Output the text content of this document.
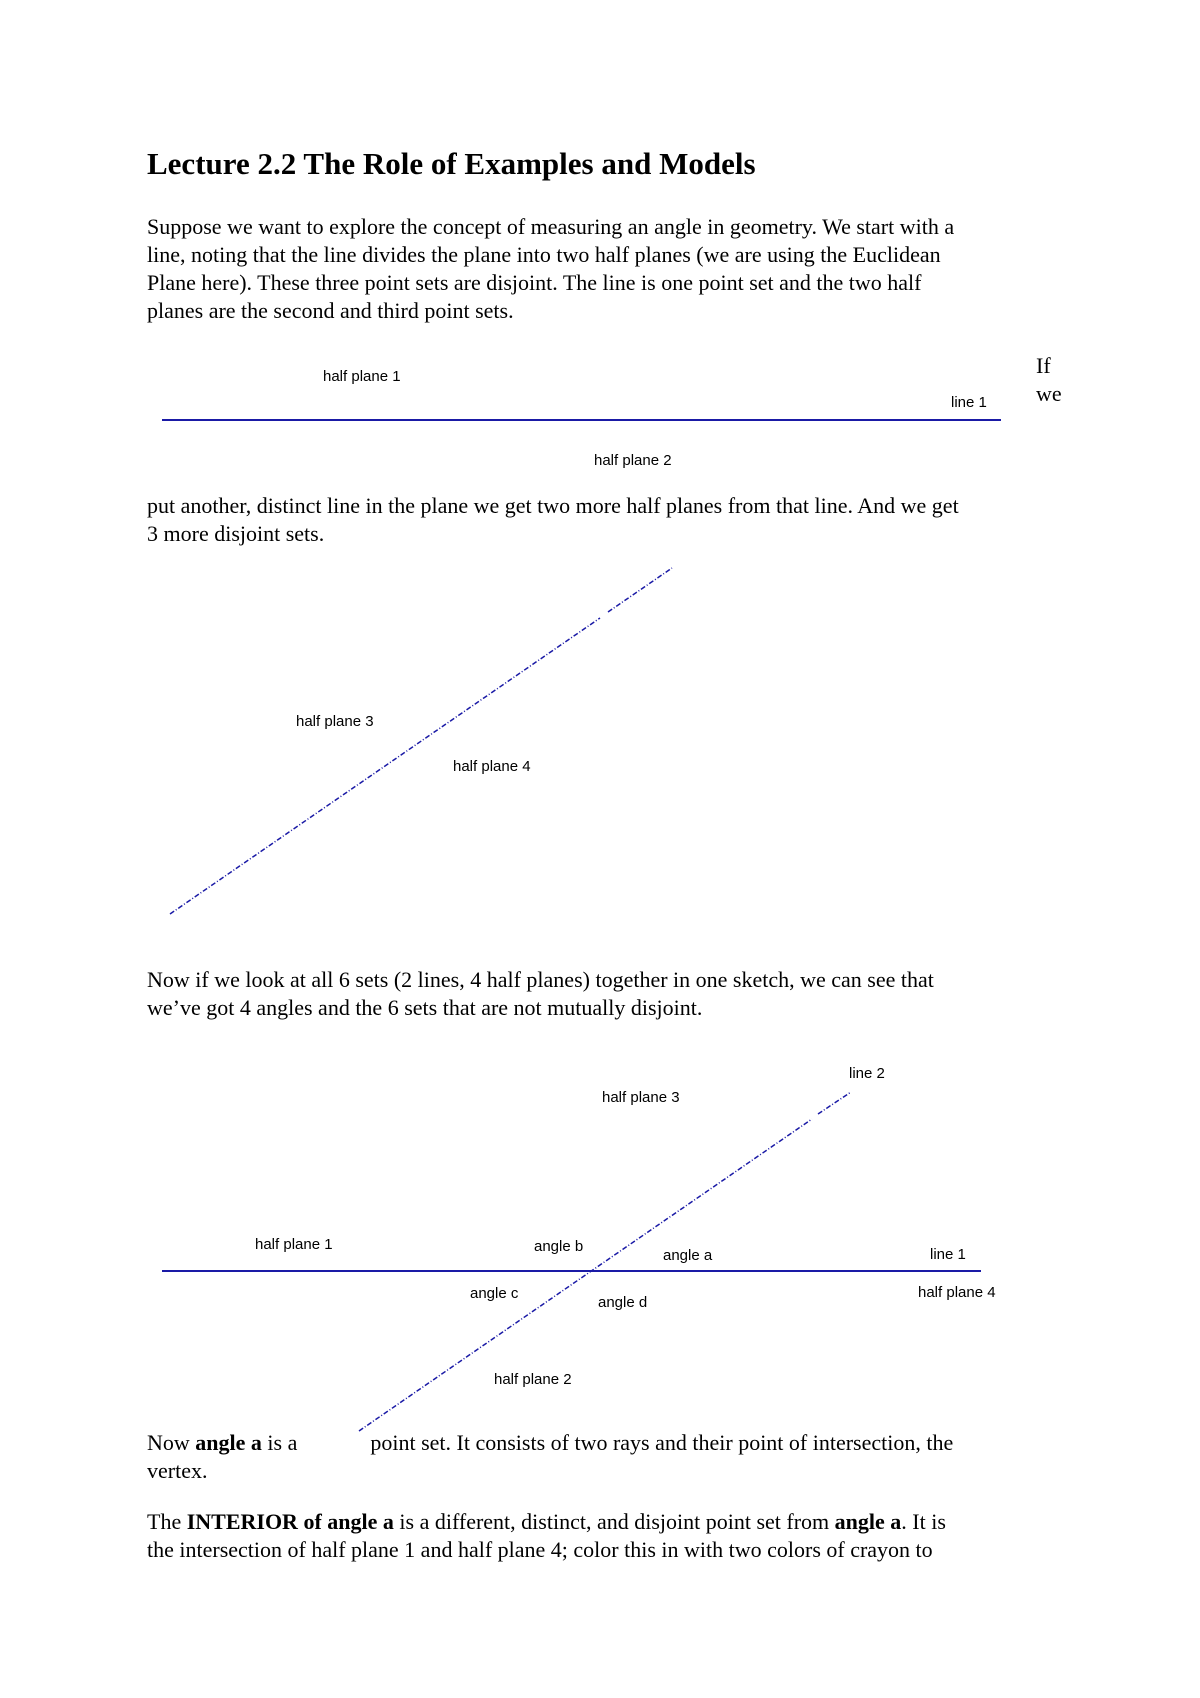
Lecture 2.2 The Role of Examples and Models

Suppose we want to explore the concept of measuring an angle in geometry. We start with a
line, noting that the line divides the plane into two half planes (we are using the Euclidean
Plane here). These three point sets are disjoint. The line is one point set and the two half
planes are the second and third point sets.

If
we
half plane 1
line 1
half plane 2

put another, distinct line in the plane we get two more half planes from that line. And we get
3 more disjoint sets.

half plane 3
half plane 4

Now if we look at all 6 sets (2 lines, 4 half planes) together in one sketch, we can see that
we’ve got 4 angles and the 6 sets that are not mutually disjoint.

line 2
half plane 3
half plane 1	angle b
angle a	line 1
angle c
angle d
half plane 4
half plane 2

Now angle a is a	point set. It consists of two rays and their point of intersection, the
vertex.

The INTERIOR of angle a is a different, distinct, and disjoint point set from angle a. It is
the intersection of half plane 1 and half plane 4; color this in with two colors of crayon to
